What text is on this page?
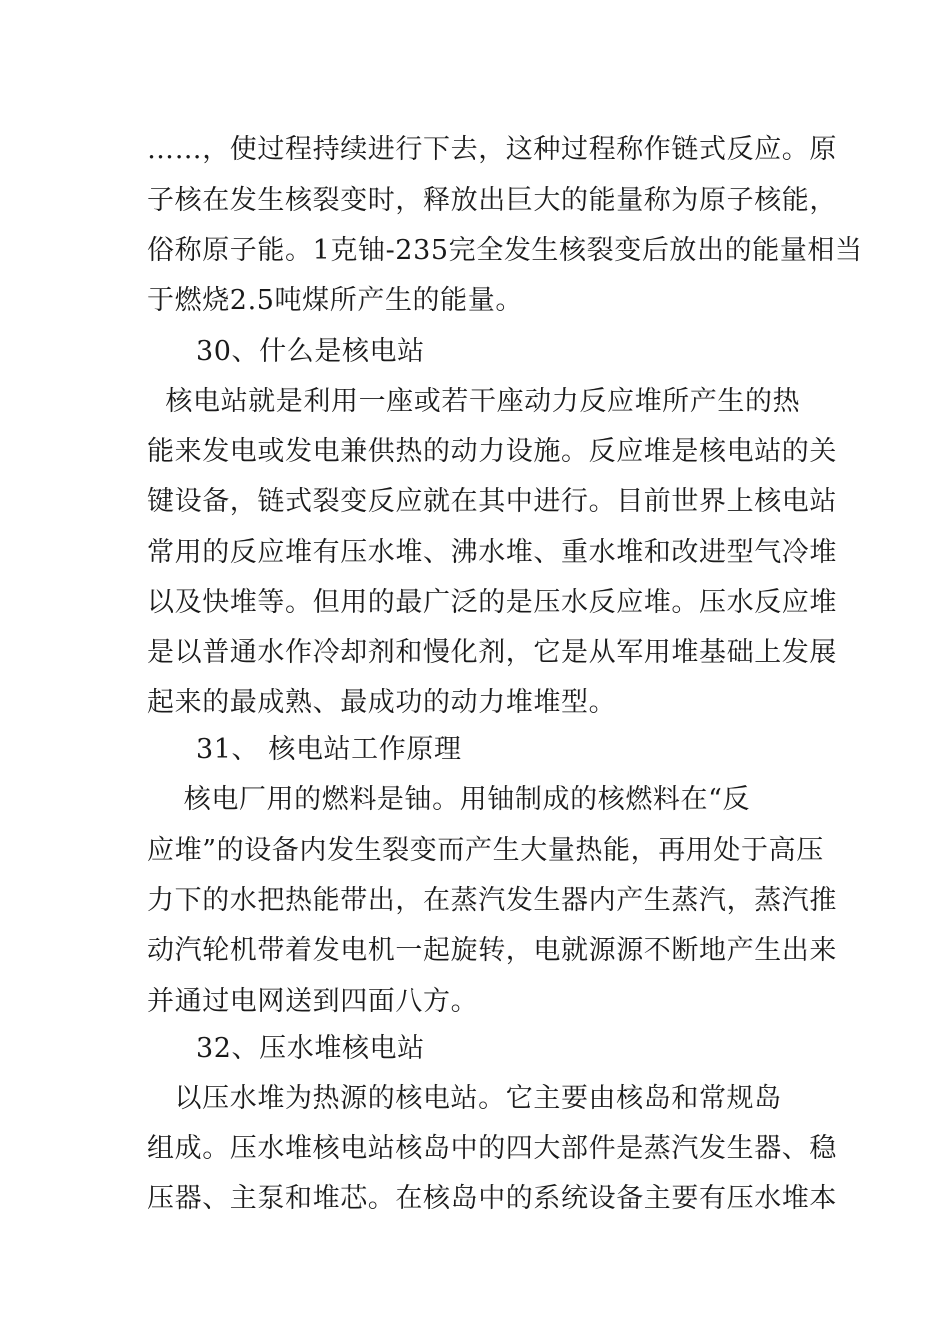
……，使过程持续进行下去，这种过程称作链式反应。原
子核在发生核裂变时，释放出巨大的能量称为原子核能，
俗称原子能。1克铀-235完全发生核裂变后放出的能量相当
于燃烧2.5吨煤所产生的能量。
30、什么是核电站
核电站就是利用一座或若干座动力反应堆所产生的热
能来发电或发电兼供热的动力设施。反应堆是核电站的关
键设备，链式裂变反应就在其中进行。目前世界上核电站
常用的反应堆有压水堆、沸水堆、重水堆和改进型气冷堆
以及快堆等。但用的最广泛的是压水反应堆。压水反应堆
是以普通水作冷却剂和慢化剂，它是从军用堆基础上发展
起来的最成熟、最成功的动力堆堆型。
31、 核电站工作原理
核电厂用的燃料是铀。用铀制成的核燃料在“反
应堆”的设备内发生裂变而产生大量热能，再用处于高压
力下的水把热能带出，在蒸汽发生器内产生蒸汽，蒸汽推
动汽轮机带着发电机一起旋转，电就源源不断地产生出来
并通过电网送到四面八方。
32、压水堆核电站
以压水堆为热源的核电站。它主要由核岛和常规岛
组成。压水堆核电站核岛中的四大部件是蒸汽发生器、稳
压器、主泵和堆芯。在核岛中的系统设备主要有压水堆本
